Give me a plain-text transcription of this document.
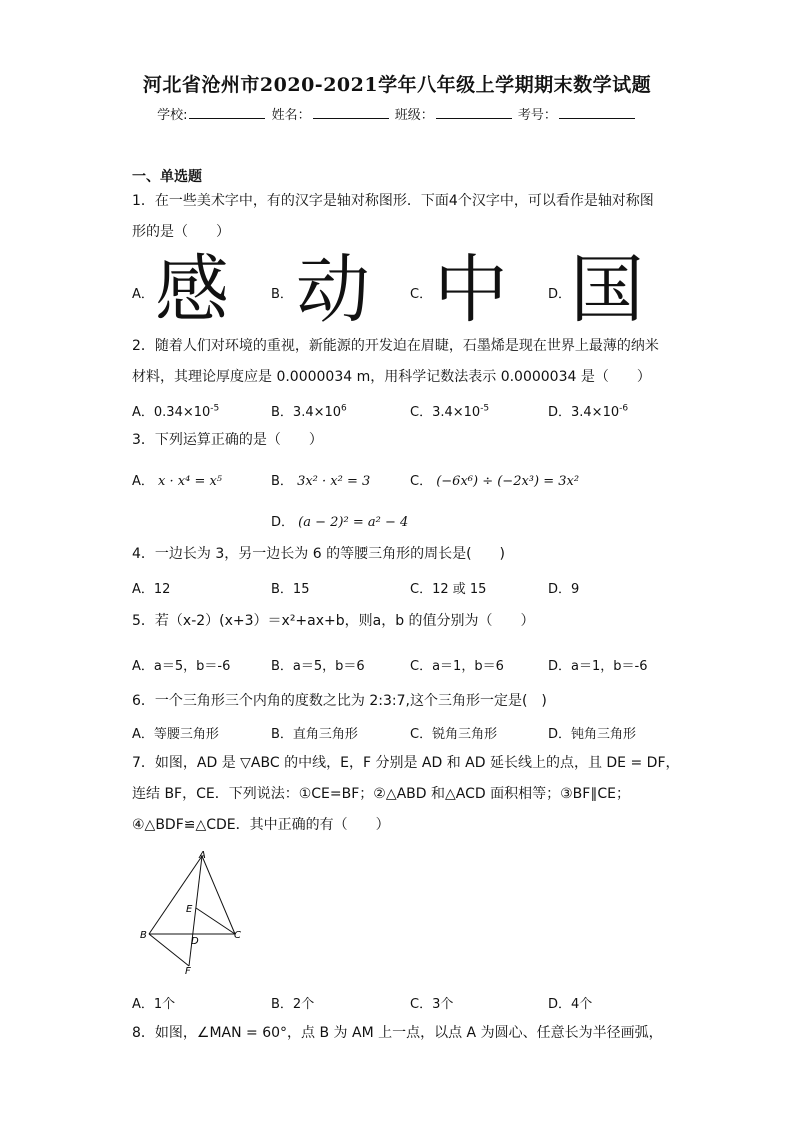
河北省沧州市2020-2021学年八年级上学期期末数学试题
学校:	姓名：	班级：	考号：
一、单选题
1．在一些美术字中，有的汉字是轴对称图形．下面4个汉字中，可以看作是轴对称图
形的是（　　）
A． 感	B． 动	C． 中	D．
国
2．随着人们对环境的重视，新能源的开发迫在眉睫，石墨烯是现在世界上最薄的纳米
材料，其理论厚度应是 0.0000034 m，用科学记数法表示 0.0000034 是（　　）
A．$0.34\times 10^{-5}$	B．$3.4\times 10^6$	C．$3.4\times 10^{-5}$	D．$3.4\times 10^{-6}$
3．下列运算正确的是（　　）
A． x · x⁴ = x⁵	B． 3x² · x² = 3	C． (−6x⁶) ÷ (−2x³) = 3x²
D． (a − 2)² = a² − 4
4．一边长为 3，另一边长为 6 的等腰三角形的周长是(　　)
A．12	B．15	C．12 或 15	D．9
5．若（x-2）(x+3）＝x²+ax+b，则a，b 的值分别为（　　）
A．a＝5，b＝-6	B．a＝5，b＝6	C．a＝1，b＝6	D．a＝1，b＝-6
6．一个三角形三个内角的度数之比为 2:3:7,这个三角形一定是(　)
A．等腰三角形	B．直角三角形	C．锐角三角形	D．钝角三角形
7．如图，AD 是 ▽ABC 的中线，E，F 分别是 AD 和 AD 延长线上的点，且 DE = DF，
连结 BF，CE．下列说法：①CE=BF；②△ABD 和△ACD 面积相等；③BF∥CE；
④△BDF≌△CDE．其中正确的有（　　）
A
B	C
D
E
F
A．1个	B．2个	C．3个	D．4个
8．如图，∠MAN = 60°，点 B 为 AM 上一点，以点 A 为圆心、任意长为半径画弧，
